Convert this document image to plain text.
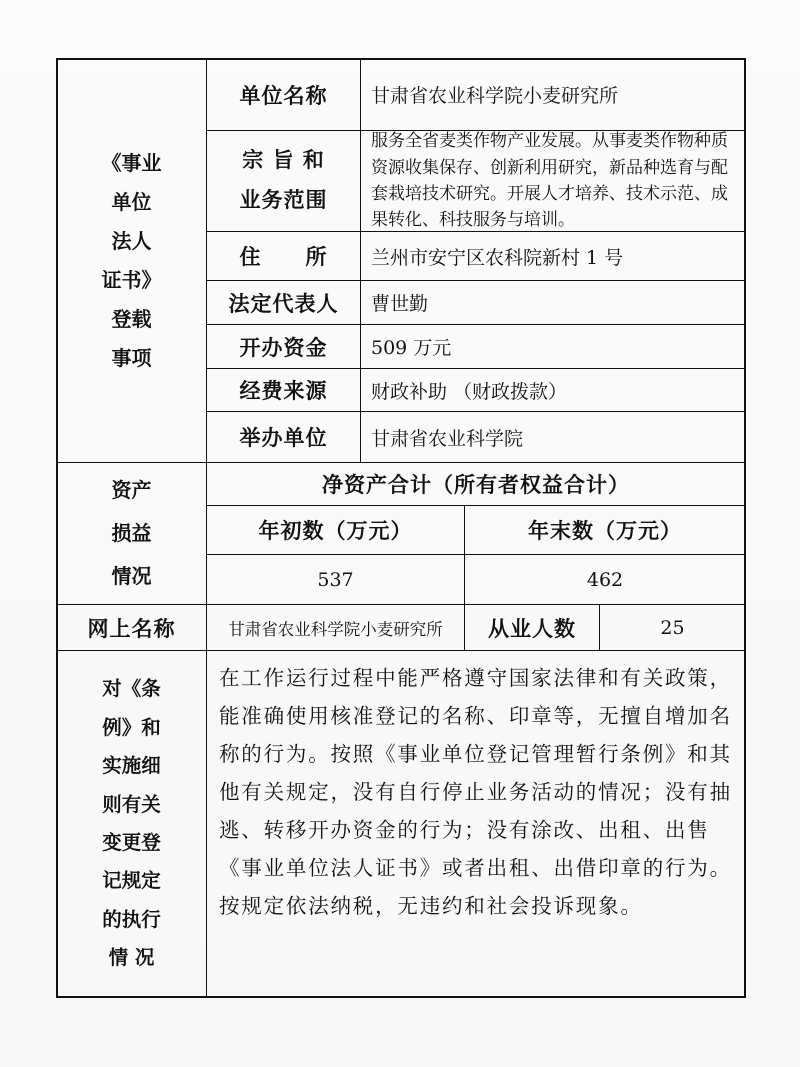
《事业
单位
法人
证书》
登载
事项
单位名称 甘肃省农业科学院小麦研究所
宗 旨 和
业务范围
服务全省麦类作物产业发展。从事麦类作物种质资源收集保存、创新利用研究，新品种选育与配套栽培技术研究。开展人才培养、技术示范、成果转化、科技服务与培训。
住　　所 兰州市安宁区农科院新村 1 号
法定代表人 曹世勤
开办资金 509 万元
经费来源 财政补助 （财政拨款）
举办单位 甘肃省农业科学院
资产
损益
情况
净资产合计（所有者权益合计）
年初数（万元）	年末数（万元）
537	462
网上名称	甘肃省农业科学院小麦研究所 从业人数	25
对《条
例》和
实施细
则有关
变更登
记规定
的执行
情 况
在工作运行过程中能严格遵守国家法律和有关政策，能准确使用核准登记的名称、印章等，无擅自增加名称的行为。按照《事业单位登记管理暂行条例》和其他有关规定，没有自行停止业务活动的情况；没有抽逃、转移开办资金的行为；没有涂改、出租、出售《事业单位法人证书》或者出租、出借印章的行为。按规定依法纳税，无违约和社会投诉现象。
